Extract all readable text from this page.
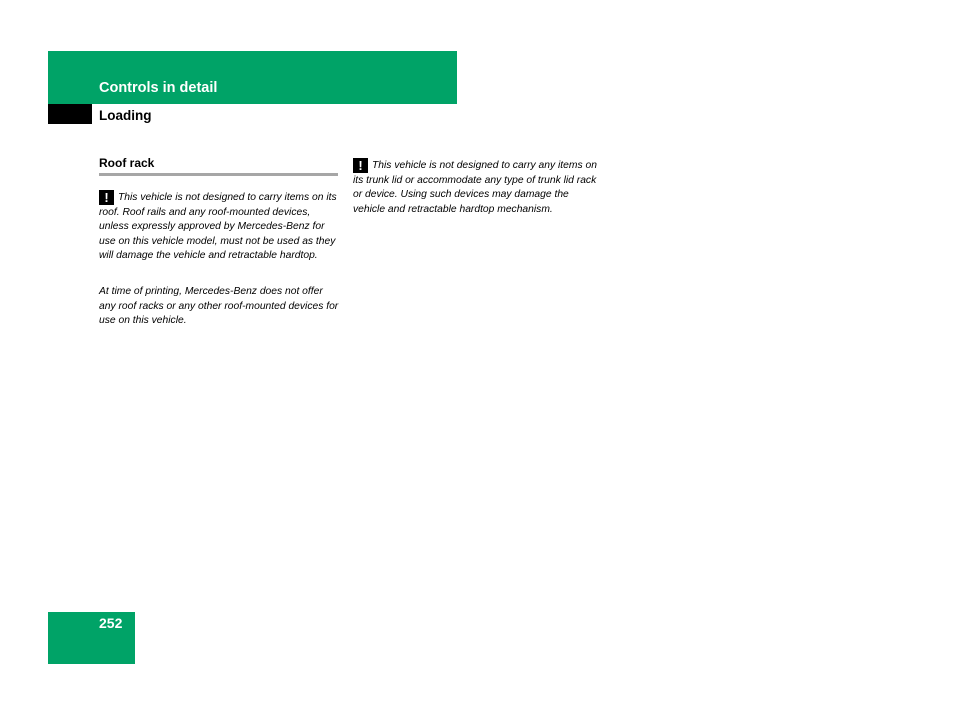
Controls in detail
Loading
Roof rack

! This vehicle is not designed to carry items on its roof. Roof rails and any roof-mounted devices, unless expressly approved by Mercedes-Benz for use on this vehicle model, must not be used as they will damage the vehicle and retractable hardtop.

At time of printing, Mercedes-Benz does not offer any roof racks or any other roof-mounted devices for use on this vehicle.

! This vehicle is not designed to carry any items on its trunk lid or accommodate any type of trunk lid rack or device. Using such devices may damage the vehicle and retractable hardtop mechanism.

252
